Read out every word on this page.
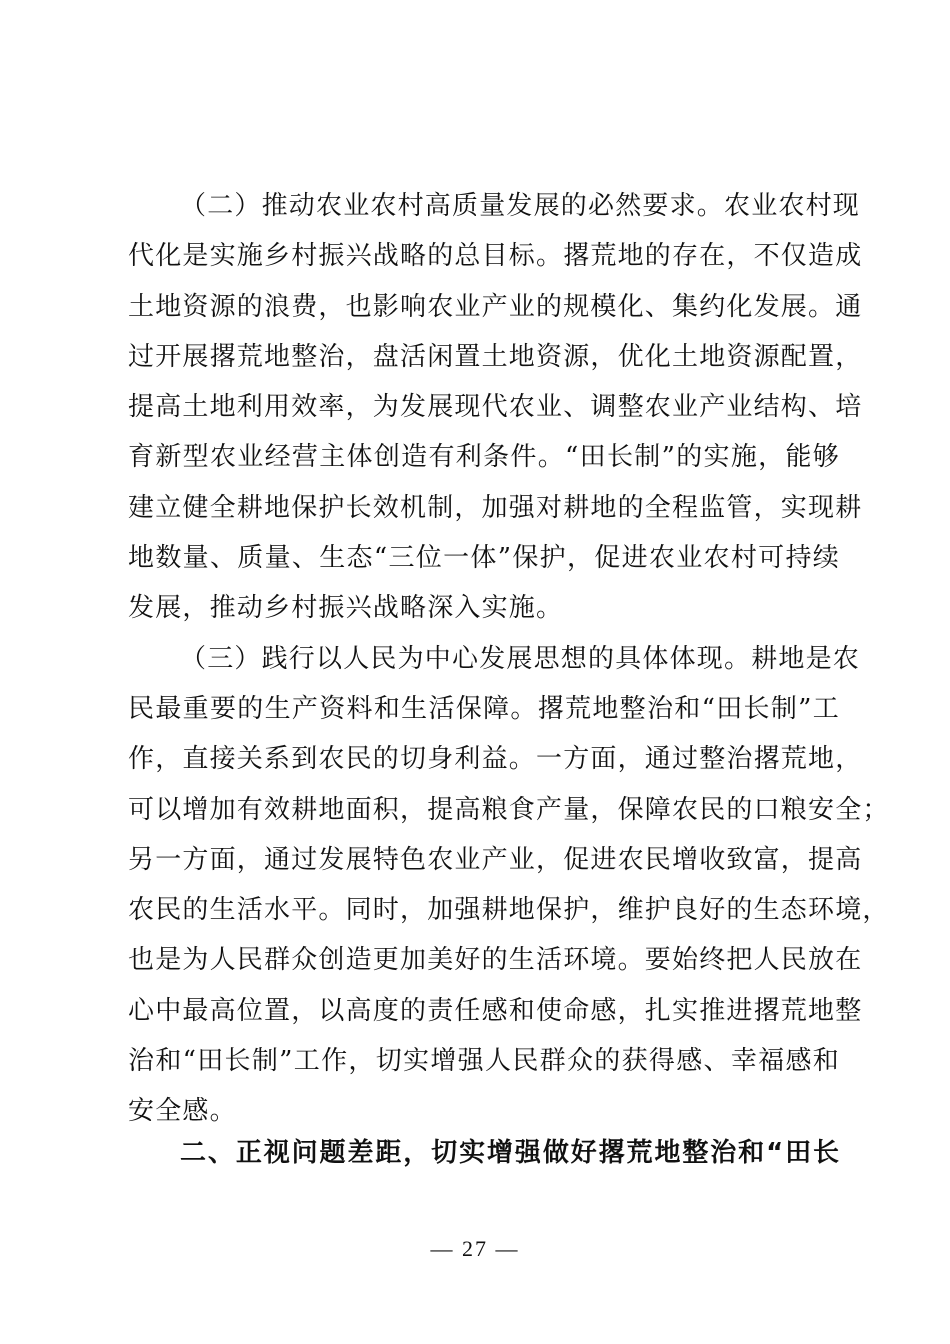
（二）推动农业农村高质量发展的必然要求。农业农村现
代化是实施乡村振兴战略的总目标。撂荒地的存在，不仅造成
土地资源的浪费，也影响农业产业的规模化、集约化发展。通
过开展撂荒地整治，盘活闲置土地资源，优化土地资源配置，
提高土地利用效率，为发展现代农业、调整农业产业结构、培
育新型农业经营主体创造有利条件。“田长制”的实施，能够
建立健全耕地保护长效机制，加强对耕地的全程监管，实现耕
地数量、质量、生态“三位一体”保护，促进农业农村可持续
发展，推动乡村振兴战略深入实施。
（三）践行以人民为中心发展思想的具体体现。耕地是农
民最重要的生产资料和生活保障。撂荒地整治和“田长制”工
作，直接关系到农民的切身利益。一方面，通过整治撂荒地，
可以增加有效耕地面积，提高粮食产量，保障农民的口粮安全；
另一方面，通过发展特色农业产业，促进农民增收致富，提高
农民的生活水平。同时，加强耕地保护，维护良好的生态环境，
也是为人民群众创造更加美好的生活环境。要始终把人民放在
心中最高位置，以高度的责任感和使命感，扎实推进撂荒地整
治和“田长制”工作，切实增强人民群众的获得感、幸福感和
安全感。
二、正视问题差距，切实增强做好撂荒地整治和“田长
— 27 —
